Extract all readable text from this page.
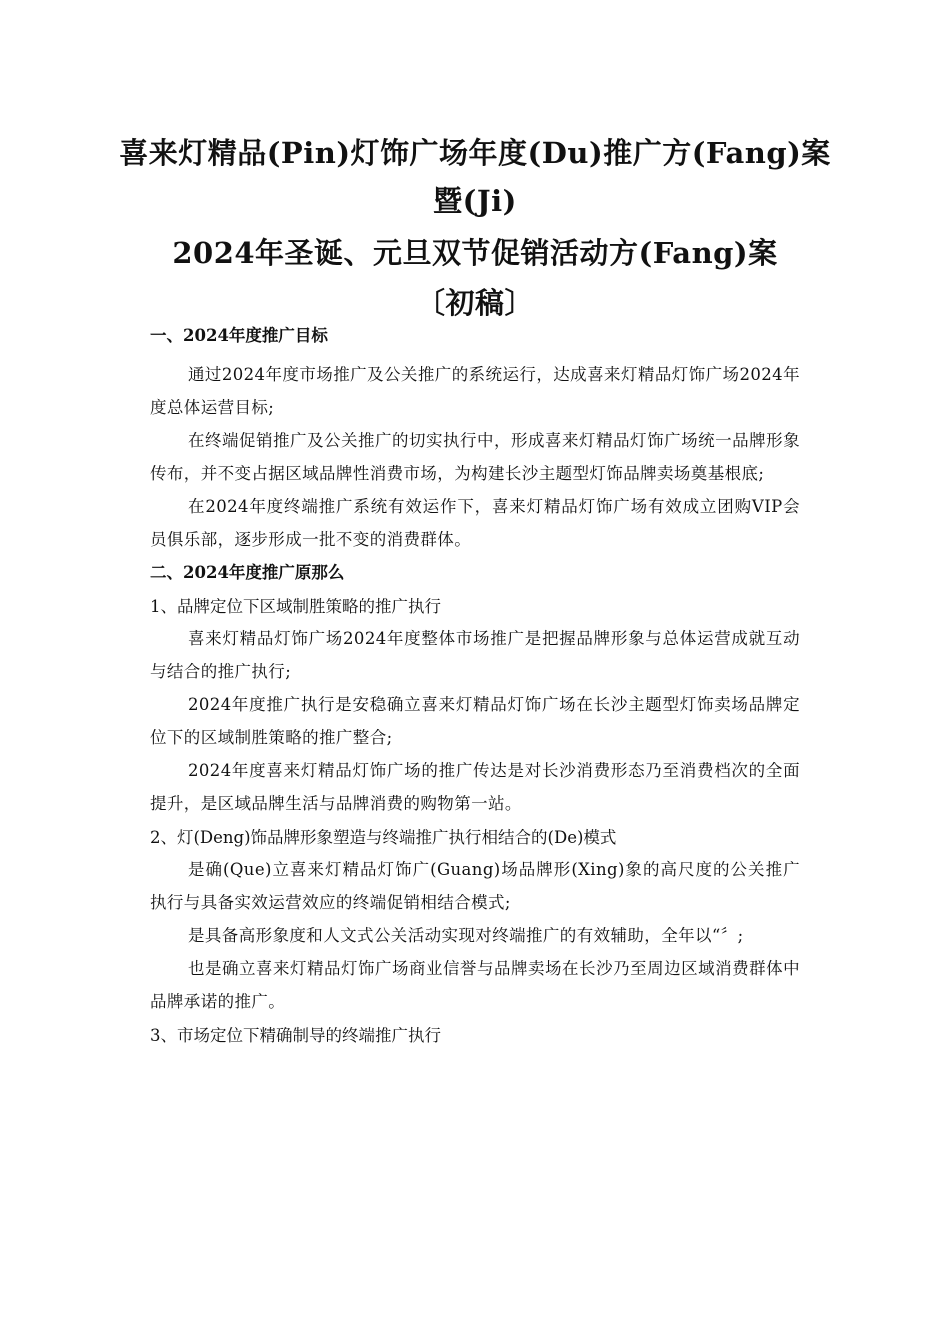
喜来灯精品(Pin)灯饰广场年度(Du)推广方(Fang)案
暨(Ji)
2024年圣诞、元旦双节促销活动方(Fang)案
〔初稿〕
一、2024年度推广目标

通过2024年度市场推广及公关推广的系统运行，达成喜来灯精品灯饰广场2024年度总体运营目标;

在终端促销推广及公关推广的切实执行中，形成喜来灯精品灯饰广场统一品牌形象传布，并不变占据区域品牌性消费市场，为构建长沙主题型灯饰品牌卖场奠基根底;

在2024年度终端推广系统有效运作下，喜来灯精品灯饰广场有效成立团购VIP会员俱乐部，逐步形成一批不变的消费群体。

二、2024年度推广原那么
1、品牌定位下区域制胜策略的推广执行

喜来灯精品灯饰广场2024年度整体市场推广是把握品牌形象与总体运营成就互动与结合的推广执行;

2024年度推广执行是安稳确立喜来灯精品灯饰广场在长沙主题型灯饰卖场品牌定位下的区域制胜策略的推广整合;

2024年度喜来灯精品灯饰广场的推广传达是对长沙消费形态乃至消费档次的全面提升，是区域品牌生活与品牌消费的购物第一站。

2、灯(Deng)饰品牌形象塑造与终端推广执行相结合的(De)模式

是确(Que)立喜来灯精品灯饰广(Guang)场品牌形(Xing)象的高尺度的公关推广执行与具备实效运营效应的终端促销相结合模式;

是具备高形象度和人文式公关活动实现对终端推广的有效辅助，全年以“〞;

也是确立喜来灯精品灯饰广场商业信誉与品牌卖场在长沙乃至周边区域消费群体中品牌承诺的推广。

3、市场定位下精确制导的终端推广执行
